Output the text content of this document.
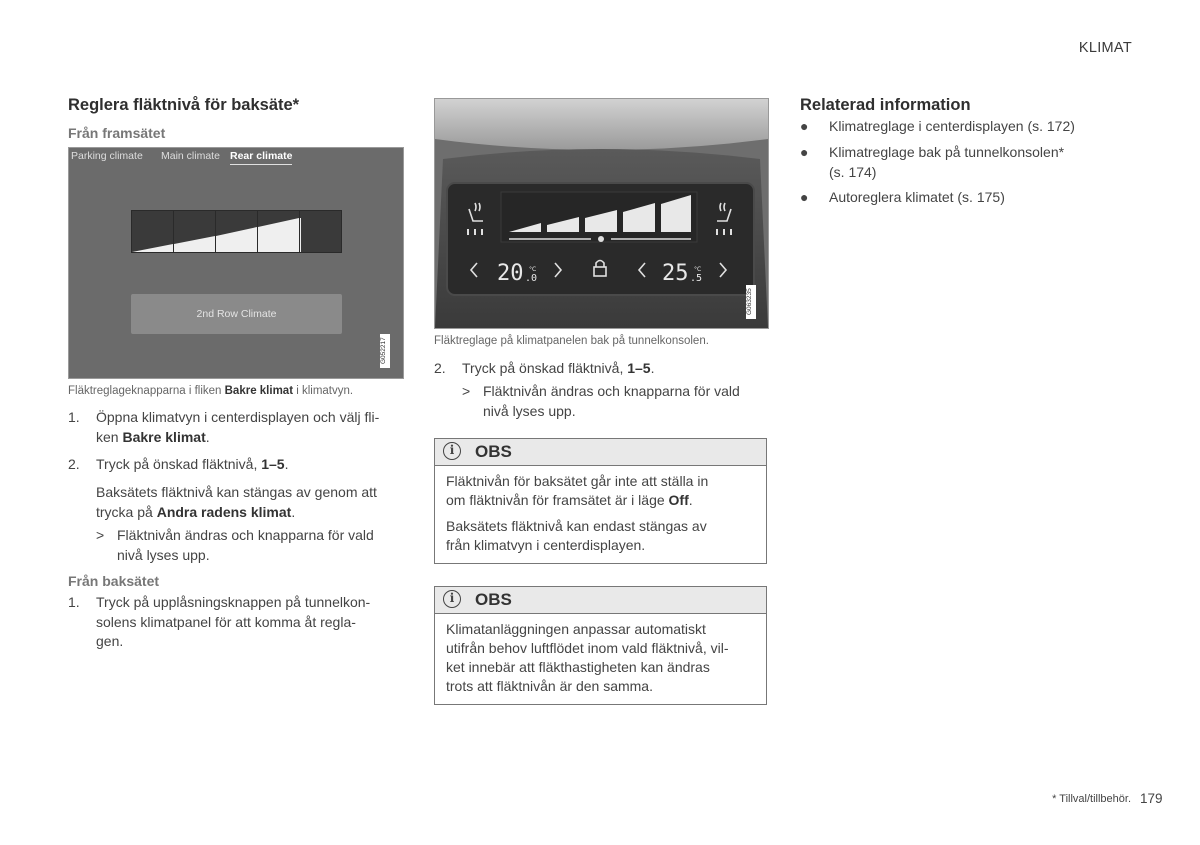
KLIMAT
Reglera fläktnivå för baksäte*
Från framsätet
Parking climate Main climate Rear climate
2nd Row Climate
G052217
Fläktreglageknapparna i fliken Bakre klimat i klimatvyn.
1. Öppna klimatvyn i centerdisplayen och välj fli-
ken Bakre klimat.
2. Tryck på önskad fläktnivå, 1–5.
Baksätets fläktnivå kan stängas av genom att
trycka på Andra radens klimat.
> Fläktnivån ändras och knapparna för vald
nivå lyses upp.
Från baksätet
1. Tryck på upplåsningsknappen på tunnelkon-
solens klimatpanel för att komma åt regla-
gen.
20 .0
°C	25 .5
°C
G063235
Fläktreglage på klimatpanelen bak på tunnelkonsolen.
2. Tryck på önskad fläktnivå, 1–5.
> Fläktnivån ändras och knapparna för vald
nivå lyses upp.
i	OBS

Fläktnivån för baksätet går inte att ställa in
om fläktnivån för framsätet är i läge Off.

Baksätets fläktnivå kan endast stängas av
från klimatvyn i centerdisplayen.

i	OBS

Klimatanläggningen anpassar automatiskt
utifrån behov luftflödet inom vald fläktnivå, vil-
ket innebär att fläkthastigheten kan ändras
trots att fläktnivån är den samma.

Relaterad information
● Klimatreglage i centerdisplayen (s. 172)
● Klimatreglage bak på tunnelkonsolen*
(s. 174)
● Autoreglera klimatet (s. 175)
* Tillval/tillbehör. 179
